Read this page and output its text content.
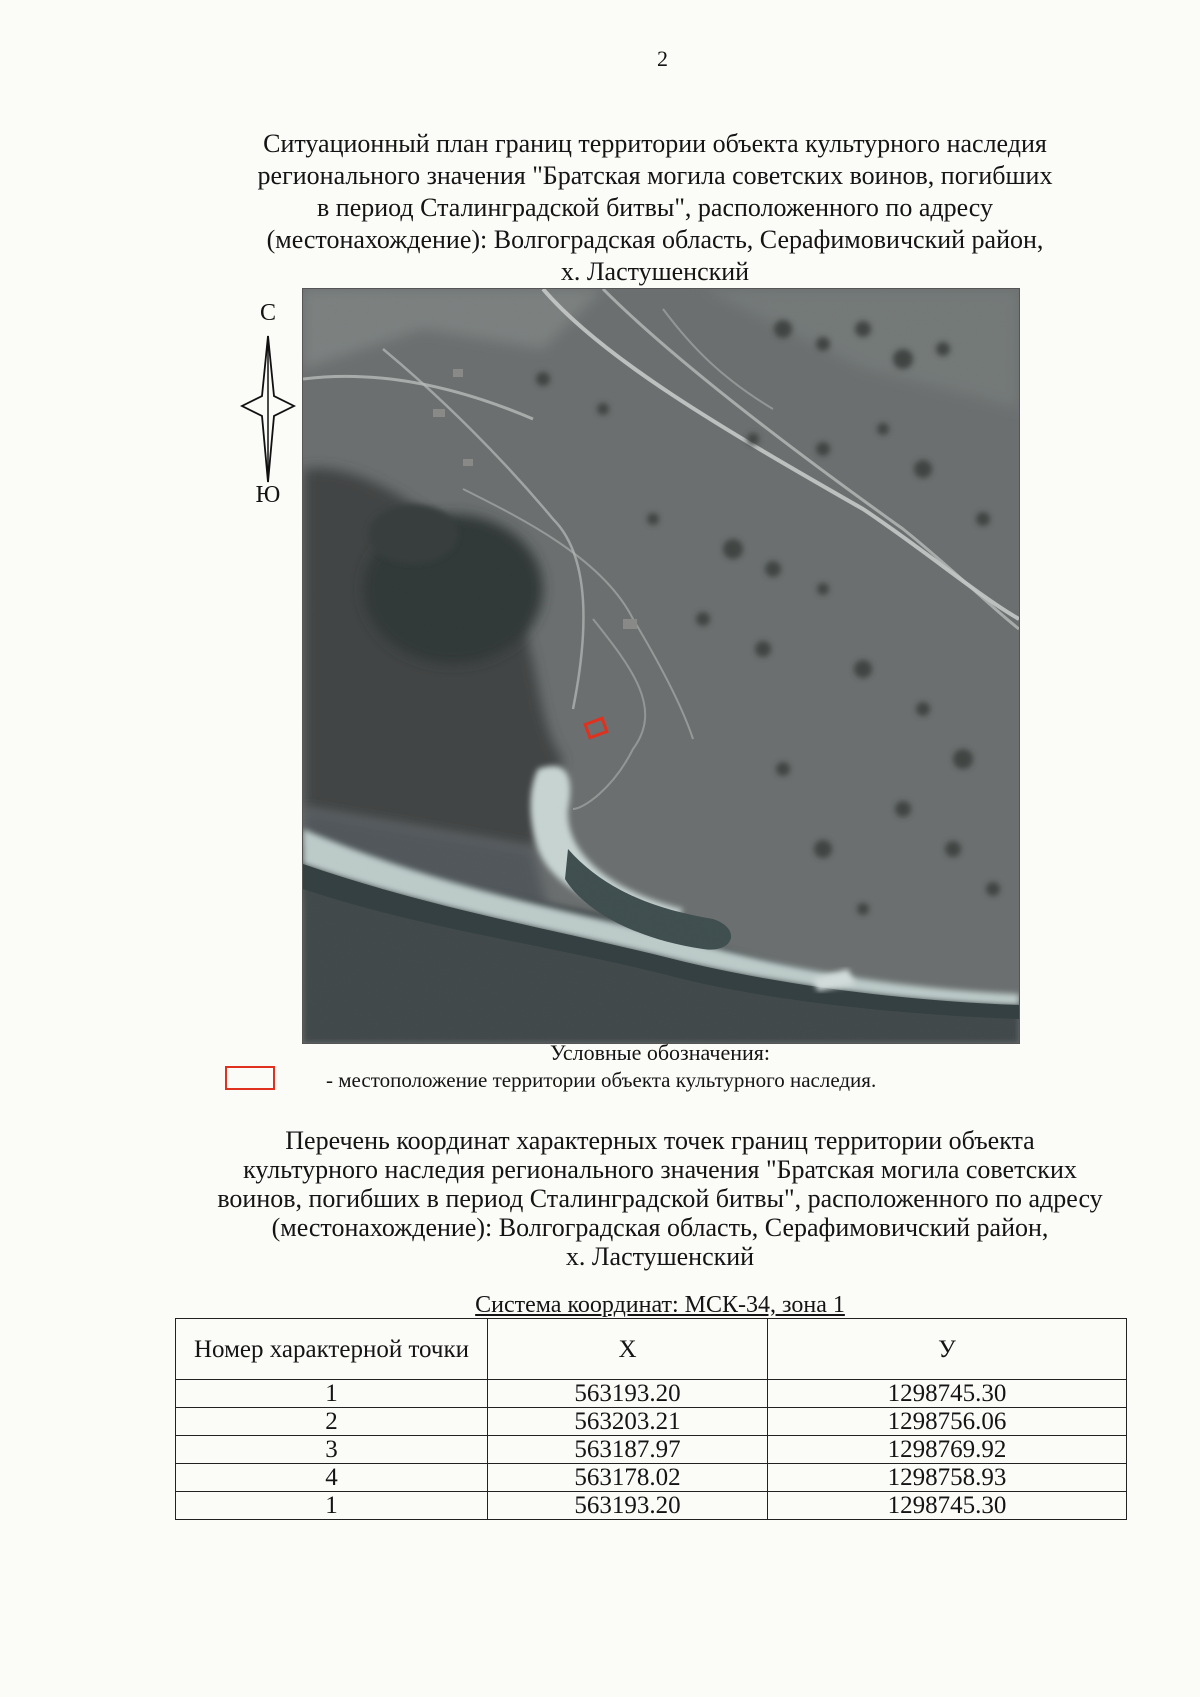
2
Ситуационный план границ территории объекта культурного наследия
регионального значения "Братская могила советских воинов, погибших
в период Сталинградской битвы", расположенного по адресу
(местонахождение): Волгоградская область, Серафимовичский район,
х. Ластушенский
С
Ю
Условные обозначения:
- местоположение территории объекта культурного наследия.
Перечень координат характерных точек границ территории объекта
культурного наследия регионального значения "Братская могила советских
воинов, погибших в период Сталинградской битвы", расположенного по адресу
(местонахождение): Волгоградская область, Серафимовичский район,
х. Ластушенский
Система координат: МСК-34, зона 1
Номер характерной точки	Х	У
1	563193.20	1298745.30
2	563203.21	1298756.06
3	563187.97	1298769.92
4	563178.02	1298758.93
1	563193.20	1298745.30
